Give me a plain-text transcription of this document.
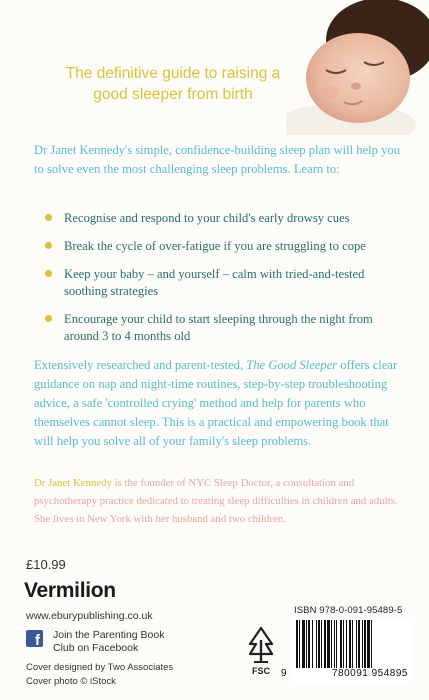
The definitive guide to raising a good sleeper from birth
Dr Janet Kennedy's simple, confidence-building sleep plan will help you to solve even the most challenging sleep problems. Learn to:
Recognise and respond to your child's early drowsy cues
Break the cycle of over-fatigue if you are struggling to cope
Keep your baby – and yourself – calm with tried-and-tested soothing strategies
Encourage your child to start sleeping through the night from around 3 to 4 months old
Extensively researched and parent-tested, The Good Sleeper offers clear guidance on nap and night-time routines, step-by-step troubleshooting advice, a safe 'controlled crying' method and help for parents who themselves cannot sleep. This is a practical and empowering book that will help you solve all of your family's sleep problems.
Dr Janet Kennedy is the founder of NYC Sleep Doctor, a consultation and psychotherapy practice dedicated to treating sleep difficulties in children and adults. She lives in New York with her husband and two children.
£10.99
Vermilion
www.eburypublishing.co.uk
f Join the Parenting Book Club on Facebook
Cover designed by Two Associates
Cover photo © iStock
FSC
ISBN 978-0-091-95489-5
9	780091 954895
